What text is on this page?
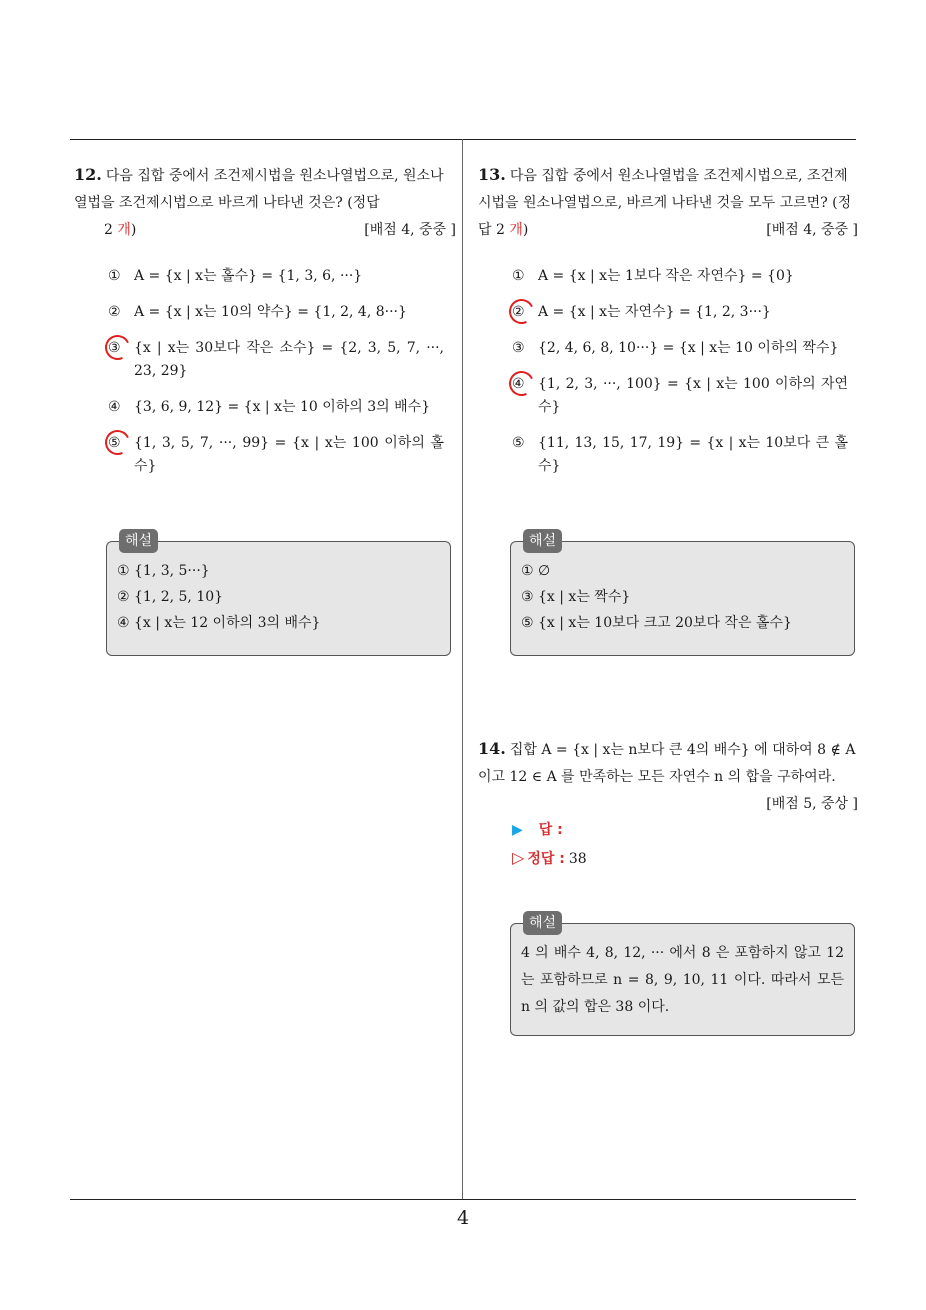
12. 다음 집합 중에서 조건제시법을 원소나열법으로, 원소나열법을 조건제시법으로 바르게 나타낸 것은? (정답
2 개)	[배점 4, 중중 ]
① A = {x | x는 홀수} = {1, 3, 6, ···}
② A = {x | x는 10의 약수} = {1, 2, 4, 8···}
③ {x | x는 30보다 작은 소수} = {2, 3, 5, 7, ···, 23, 29}
④ {3, 6, 9, 12} = {x | x는 10 이하의 3의 배수}
⑤ {1, 3, 5, 7, ···, 99} = {x | x는 100 이하의 홀수}
해설
① {1, 3, 5···}
② {1, 2, 5, 10}
④ {x | x는 12 이하의 3의 배수}
13. 다음 집합 중에서 원소나열법을 조건제시법으로, 조건제시법을 원소나열법으로, 바르게 나타낸 것을 모두 고르면? (정답 2 개)	[배점 4, 중중 ]
① A = {x | x는 1보다 작은 자연수} = {0}
② A = {x | x는 자연수} = {1, 2, 3···}
③ {2, 4, 6, 8, 10···} = {x | x는 10 이하의 짝수}
④ {1, 2, 3, ···, 100} = {x | x는 100 이하의 자연수}
⑤ {11, 13, 15, 17, 19} = {x | x는 10보다 큰 홀수}
해설
① ∅
③ {x | x는 짝수}
⑤ {x | x는 10보다 크고 20보다 작은 홀수}
14. 집합 A = {x | x는 n보다 큰 4의 배수} 에 대하여 8 ∉ A 이고 12 ∈ A 를 만족하는 모든 자연수 n 의 합을 구하여라.
[배점 5, 중상 ]
▶ 답 :
▷ 정답 : 38
해설
4 의 배수 4, 8, 12, ··· 에서 8 은 포함하지 않고 12 는 포함하므로 n = 8, 9, 10, 11 이다. 따라서 모든 n 의 값의 합은 38 이다.
4
